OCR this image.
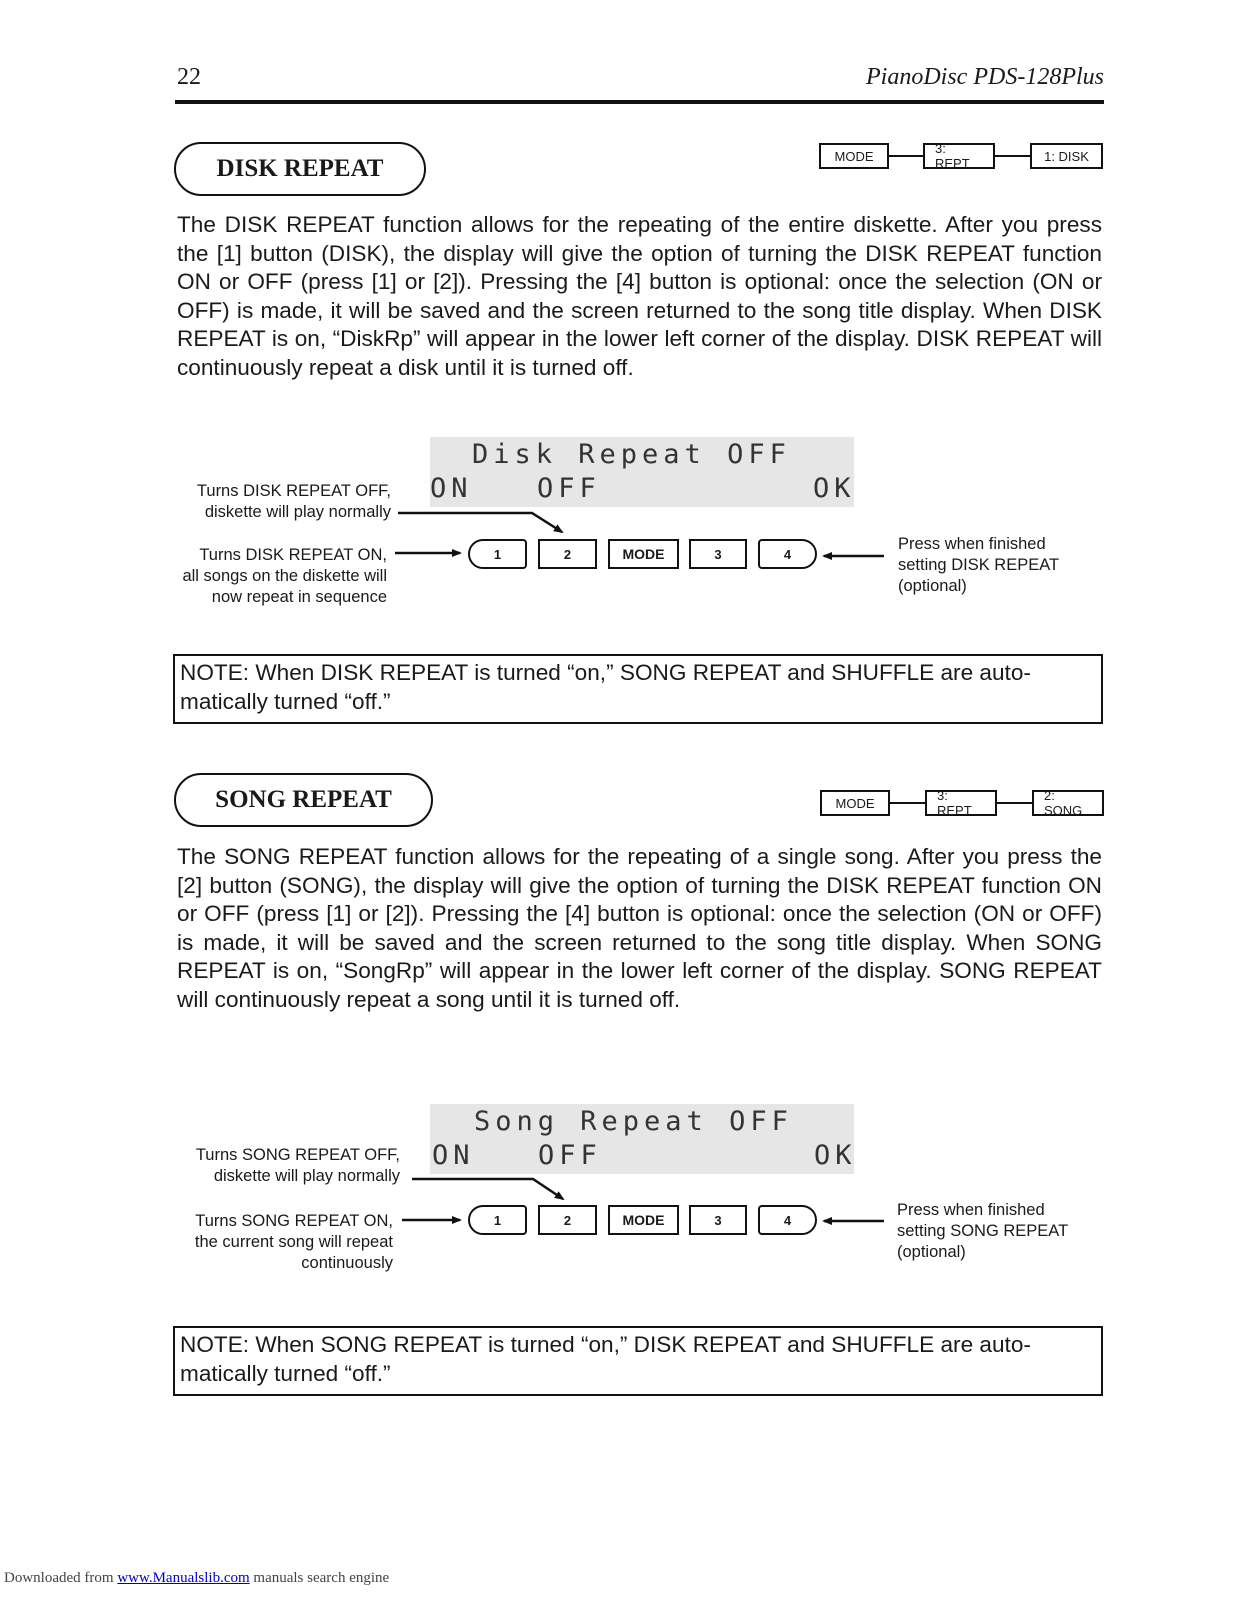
22	PianoDisc PDS-128Plus
DISK REPEAT	MODE	3: REPT	1: DISK
The DISK REPEAT function allows for the repeating of the entire diskette. After you press the [1] button (DISK), the display will give the option of turning the DISK REPEAT function ON or OFF (press [1] or [2]). Pressing the [4] button is optional: once the selection (ON or OFF) is made, it will be saved and the screen returned to the song title display. When DISK REPEAT is on, “DiskRp” will appear in the lower left corner of the display. DISK REPEAT will continuously repeat a disk until it is turned off.
Disk Repeat OFF
ON OFF	OK
Turns DISK REPEAT OFF,
diskette will play normally
Turns DISK REPEAT ON,
all songs on the diskette will
now repeat in sequence
Press when finished
setting DISK REPEAT
(optional)
1	2	MODE	3	4
NOTE: When DISK REPEAT is turned “on,” SONG REPEAT and SHUFFLE are auto-
matically turned “off.”
SONG REPEAT	MODE	3: REPT
2: SONG
The SONG REPEAT function allows for the repeating of a single song. After you press the [2] button (SONG), the display will give the option of turning the DISK REPEAT function ON or OFF (press [1] or [2]). Pressing the [4] button is optional: once the selection (ON or OFF) is made, it will be saved and the screen returned to the song title display. When SONG REPEAT is on, “SongRp” will appear in the lower left corner of the display. SONG REPEAT will continuously repeat a song until it is turned off.
Song Repeat OFF
ON OFF	OK
Turns SONG REPEAT OFF,
diskette will play normally
Turns SONG REPEAT ON,
the current song will repeat
continuously
Press when finished
setting SONG REPEAT
(optional)
1	2	MODE	3	4
NOTE: When SONG REPEAT is turned “on,” DISK REPEAT and SHUFFLE are auto-
matically turned “off.”
Downloaded from www.Manualslib.com manuals search engine
